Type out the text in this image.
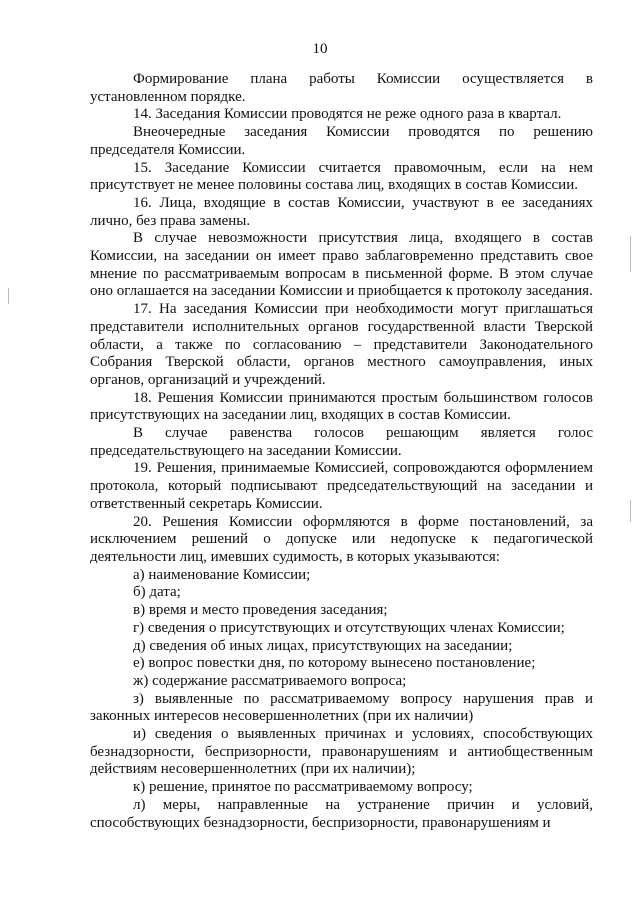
10

Формирование плана работы Комиссии осуществляется в установленном порядке.

14. Заседания Комиссии проводятся не реже одного раза в квартал.

Внеочередные заседания Комиссии проводятся по решению председателя Комиссии.

15. Заседание Комиссии считается правомочным, если на нем присутствует не менее половины состава лиц, входящих в состав Комиссии.

16. Лица, входящие в состав Комиссии, участвуют в ее заседаниях лично, без права замены.

В случае невозможности присутствия лица, входящего в состав Комиссии, на заседании он имеет право заблаговременно представить свое мнение по рассматриваемым вопросам в письменной форме. В этом случае оно оглашается на заседании Комиссии и приобщается к протоколу заседания.

17. На заседания Комиссии при необходимости могут приглашаться представители исполнительных органов государственной власти Тверской области, а также по согласованию – представители Законодательного Собрания Тверской области, органов местного самоуправления, иных органов, организаций и учреждений.

18. Решения Комиссии принимаются простым большинством голосов присутствующих на заседании лиц, входящих в состав Комиссии.

В случае равенства голосов решающим является голос председательствующего на заседании Комиссии.

19. Решения, принимаемые Комиссией, сопровождаются оформлением протокола, который подписывают председательствующий на заседании и ответственный секретарь Комиссии.

20. Решения Комиссии оформляются в форме постановлений, за исключением решений о допуске или недопуске к педагогической деятельности лиц, имевших судимость, в которых указываются:

а) наименование Комиссии;

б) дата;

в) время и место проведения заседания;

г) сведения о присутствующих и отсутствующих членах Комиссии;

д) сведения об иных лицах, присутствующих на заседании;

е) вопрос повестки дня, по которому вынесено постановление;

ж) содержание рассматриваемого вопроса;

з) выявленные по рассматриваемому вопросу нарушения прав и законных интересов несовершеннолетних (при их наличии)

и) сведения о выявленных причинах и условиях, способствующих безнадзорности, беспризорности, правонарушениям и антиобщественным действиям несовершеннолетних (при их наличии);

к) решение, принятое по рассматриваемому вопросу;

л) меры, направленные на устранение причин и условий, способствующих безнадзорности, беспризорности, правонарушениям и
